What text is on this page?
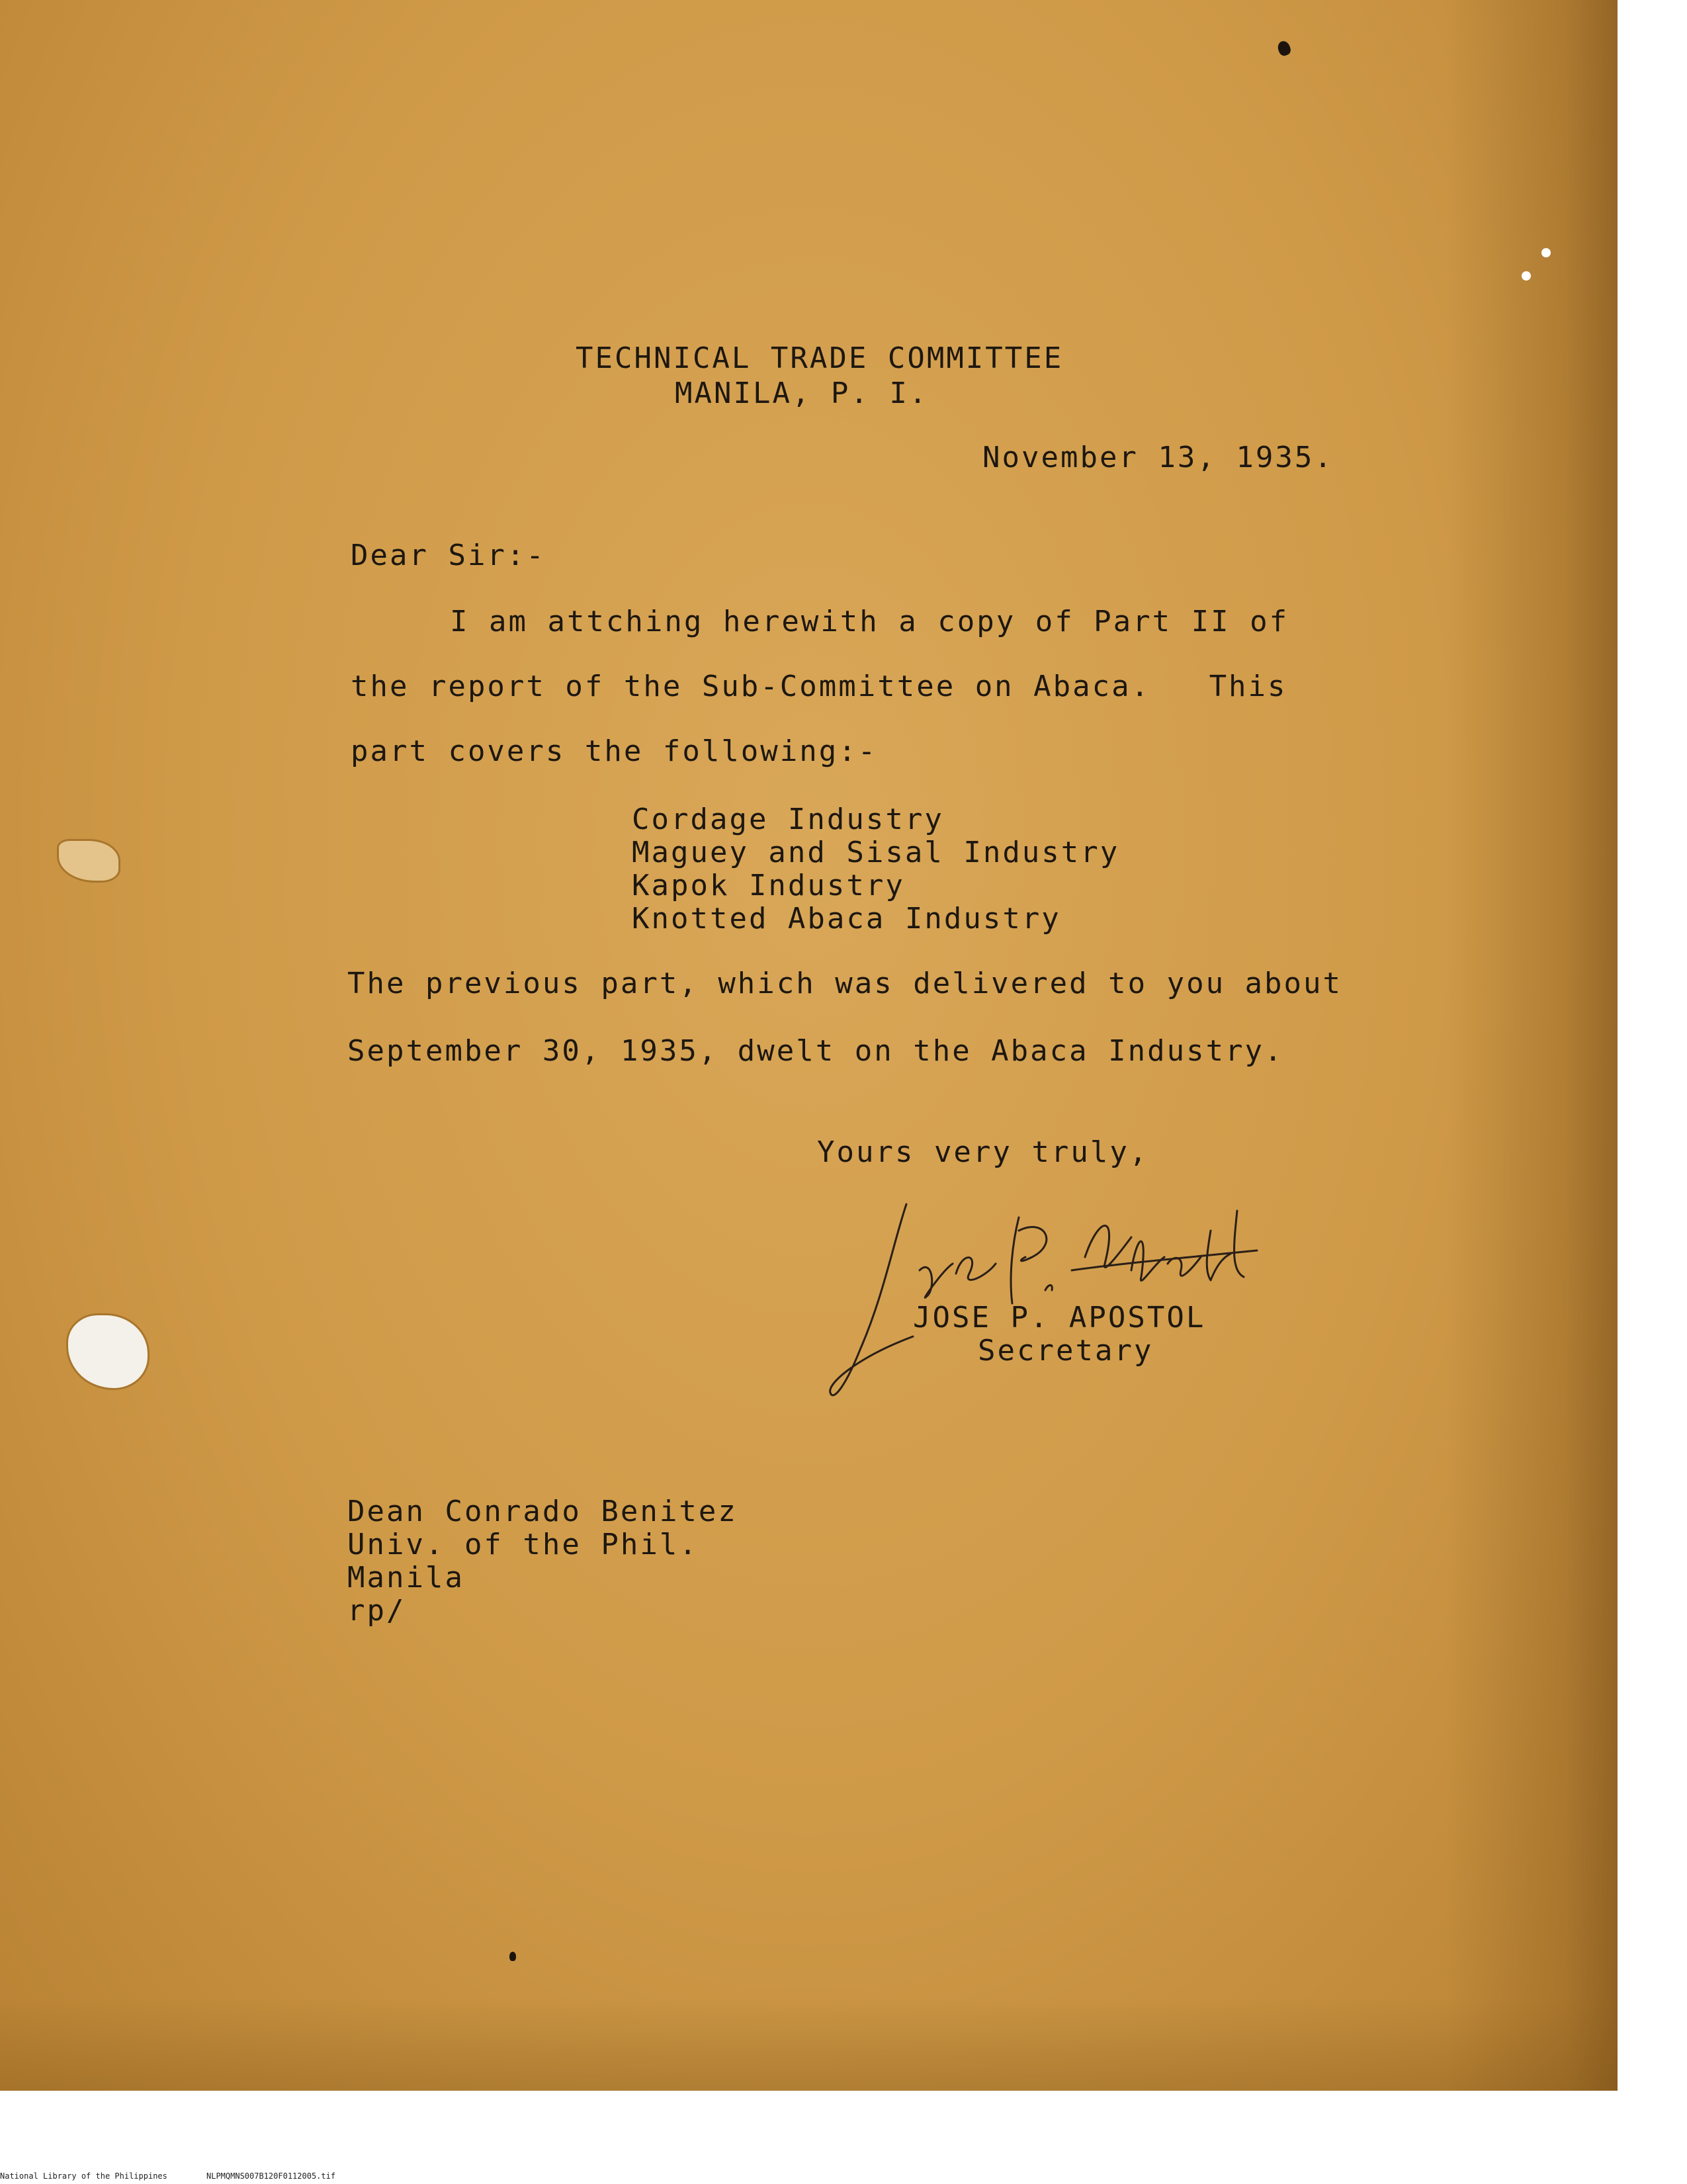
TECHNICAL TRADE COMMITTEE
MANILA, P. I.
November 13, 1935.
Dear Sir:-
I am attching herewith a copy of Part II of
the report of the Sub-Committee on Abaca.   This
part covers the following:-
Cordage Industry
Maguey and Sisal Industry
Kapok Industry
Knotted Abaca Industry
The previous part, which was delivered to you about
September 30, 1935, dwelt on the Abaca Industry.
Yours very truly,
JOSE P. APOSTOL
Secretary
Dean Conrado Benitez
Univ. of the Phil.
Manila
rp/
National Library of the Philippines	NLPMQMNS007B120F0112005.tif
